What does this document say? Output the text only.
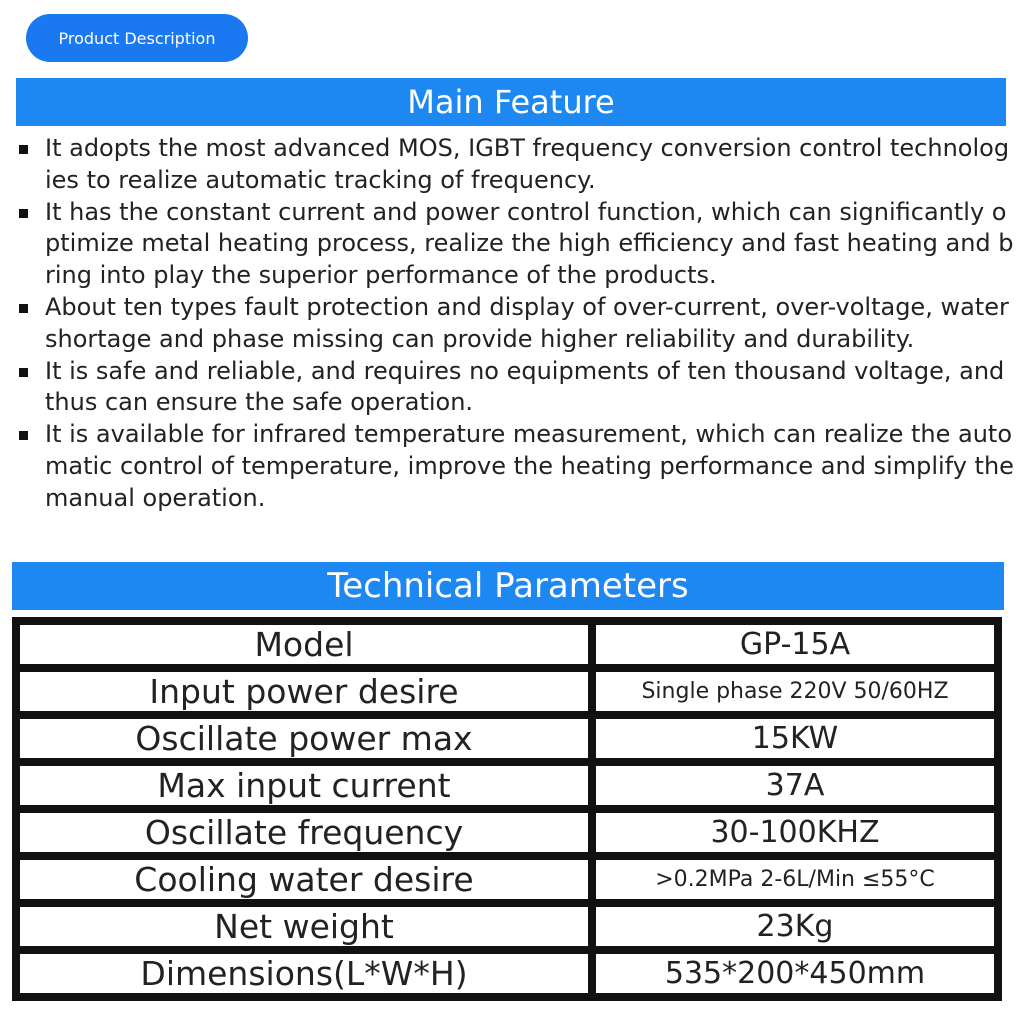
Product Description
Main Feature
It adopts the most advanced MOS, IGBT frequency conversion control technologies to realize automatic tracking of frequency.
It has the constant current and power control function, which can significantly optimize metal heating process, realize the high efficiency and fast heating and bring into play the superior performance of the products.
About ten types fault protection and display of over-current, over-voltage, water shortage and phase missing can provide higher reliability and durability.
It is safe and reliable, and requires no equipments of ten thousand voltage, and thus can ensure the safe operation.
It is available for infrared temperature measurement, which can realize the automatic control of temperature, improve the heating performance and simplify the manual operation.
Technical Parameters
Model	GP-15A
Input power desire	Single phase 220V 50/60HZ
Oscillate power max	15KW
Max input current	37A
Oscillate frequency	30-100KHZ
Cooling water desire	>0.2MPa 2-6L/Min ≤55°C
Net weight	23Kg
Dimensions(L*W*H)	535*200*450mm
